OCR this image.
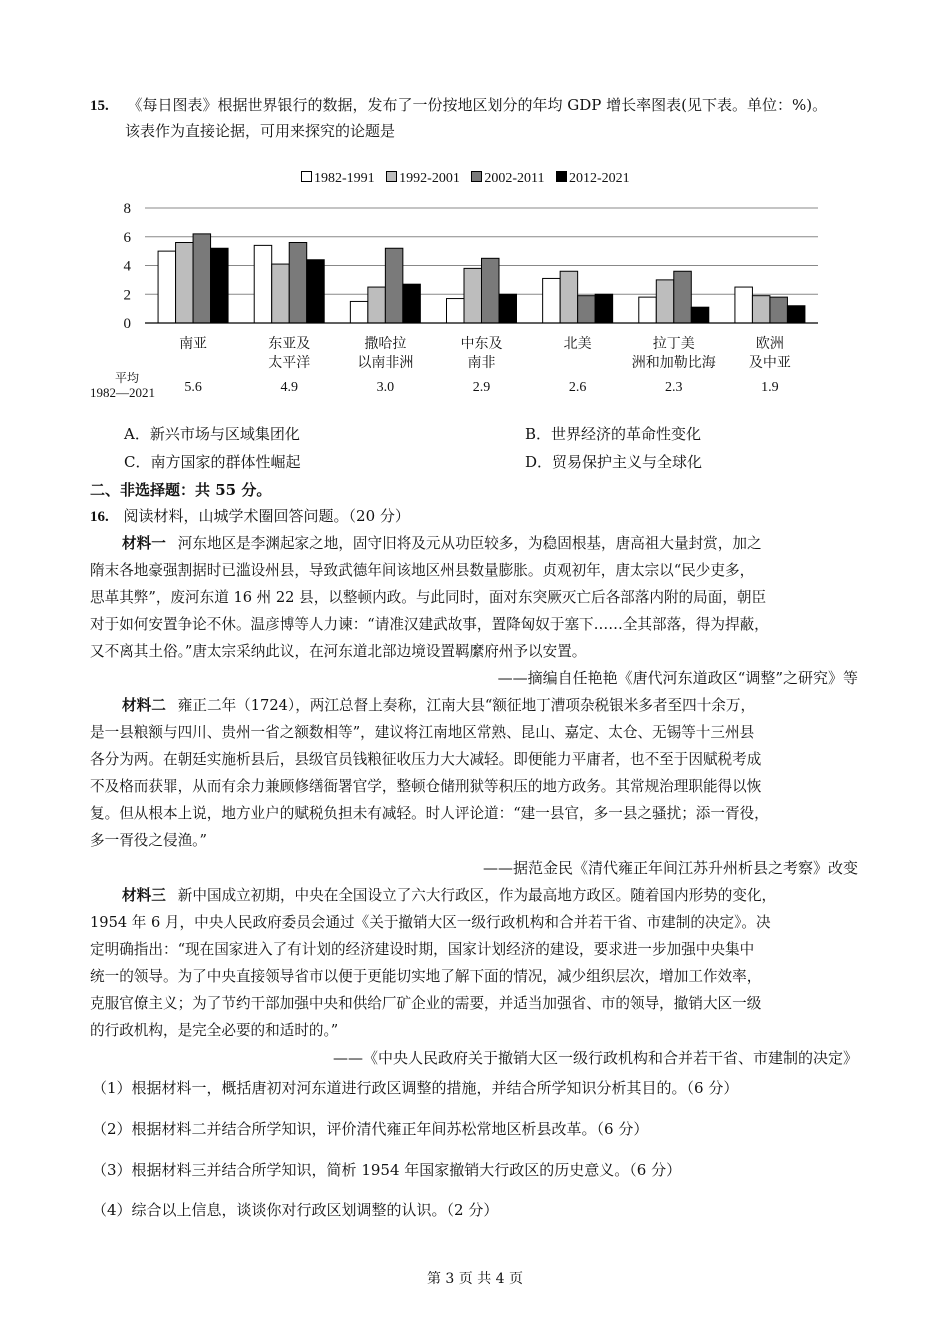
15. 《每日图表》根据世界银行的数据，发布了一份按地区划分的年均 GDP 增长率图表(见下表。单位：%)。
该表作为直接论据，可用来探究的论题是
1982-1991 1992-2001 2002-2011 2012-2021
0
2
4
6
8
南亚
5.6
东亚及
太平洋
4.9
撒哈拉
以南非洲
3.0
中东及
南非
2.9
北美
2.6
拉丁美
洲和加勒比海
2.3
欧洲
及中亚
1.9
平均
1982—2021
A．新兴市场与区域集团化	B．世界经济的革命性变化
C．南方国家的群体性崛起	D．贸易保护主义与全球化
二、非选择题：共 55 分。
16. 阅读材料，山城学术圈回答问题。（20 分）
材料一 河东地区是李渊起家之地，固守旧将及元从功臣较多，为稳固根基，唐高祖大量封赏，加之
隋末各地豪强割据时已滥设州县，导致武德年间该地区州县数量膨胀。贞观初年，唐太宗以“民少吏多，
思革其弊”，废河东道 16 州 22 县，以整顿内政。与此同时，面对东突厥灭亡后各部落内附的局面，朝臣
对于如何安置争论不休。温彦博等人力谏：“请准汉建武故事，置降匈奴于塞下……全其部落，得为捍蔽，
又不离其土俗。”唐太宗采纳此议，在河东道北部边境设置羁縻府州予以安置。
——摘编自任艳艳《唐代河东道政区“调整”之研究》等
材料二 雍正二年（1724），两江总督上奏称，江南大县“额征地丁漕项杂税银米多者至四十余万，
是一县粮额与四川、贵州一省之额数相等”，建议将江南地区常熟、昆山、嘉定、太仓、无锡等十三州县
各分为两。在朝廷实施析县后，县级官员钱粮征收压力大大减轻。即便能力平庸者，也不至于因赋税考成
不及格而获罪，从而有余力兼顾修缮衙署官学，整顿仓储刑狱等积压的地方政务。其常规治理职能得以恢
复。但从根本上说，地方业户的赋税负担未有减轻。时人评论道：“建一县官，多一县之骚扰；添一胥役，
多一胥役之侵渔。”
——据范金民《清代雍正年间江苏升州析县之考察》改变
材料三 新中国成立初期，中央在全国设立了六大行政区，作为最高地方政区。随着国内形势的变化，
1954 年 6 月，中央人民政府委员会通过《关于撤销大区一级行政机构和合并若干省、市建制的决定》。决
定明确指出：“现在国家进入了有计划的经济建设时期，国家计划经济的建设，要求进一步加强中央集中
统一的领导。为了中央直接领导省市以便于更能切实地了解下面的情况，减少组织层次，增加工作效率，
克服官僚主义；为了节约干部加强中央和供给厂矿企业的需要，并适当加强省、市的领导，撤销大区一级
的行政机构，是完全必要的和适时的。”
——《中央人民政府关于撤销大区一级行政机构和合并若干省、市建制的决定》
（1）根据材料一，概括唐初对河东道进行政区调整的措施，并结合所学知识分析其目的。（6 分）
（2）根据材料二并结合所学知识，评价清代雍正年间苏松常地区析县改革。（6 分）
（3）根据材料三并结合所学知识，简析 1954 年国家撤销大行政区的历史意义。（6 分）
（4）综合以上信息，谈谈你对行政区划调整的认识。（2 分）
第 3 页 共 4 页
